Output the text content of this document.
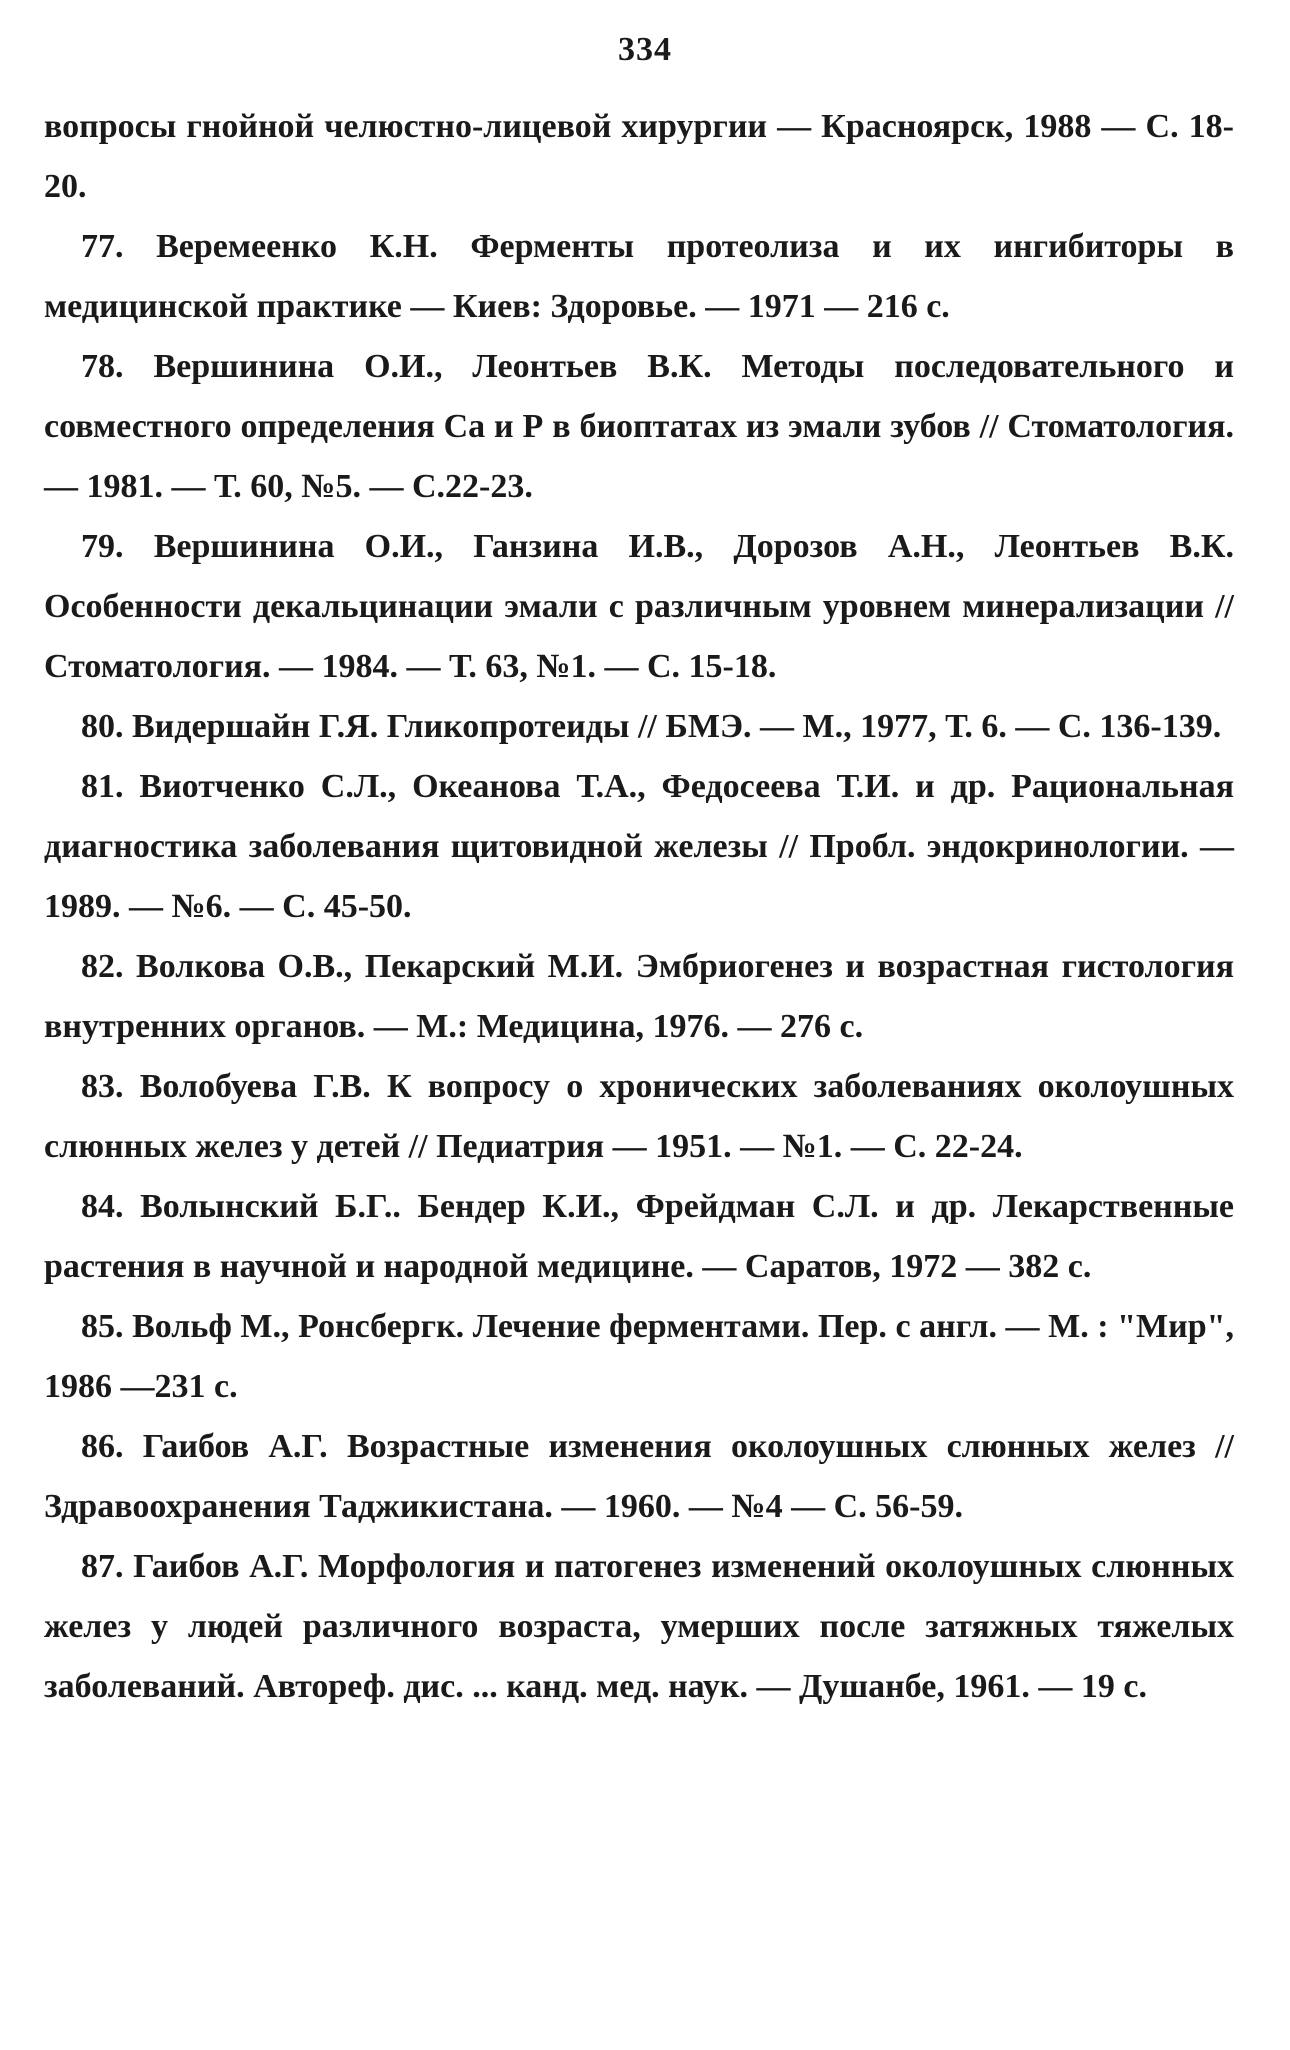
334

вопросы гнойной челюстно-лицевой хирургии — Красноярск, 1988 — С. 18-20.

77. Веремеенко К.Н. Ферменты протеолиза и их ингибиторы в медицинской практике — Киев: Здоровье. — 1971 — 216 с.

78. Вершинина О.И., Леонтьев В.К. Методы последовательного и совместного определения Са и Р в биоптатах из эмали зубов // Стоматология. — 1981. — Т. 60, №5. — С.22-23.

79. Вершинина О.И., Ганзина И.В., Дорозов А.Н., Леонтьев В.К. Особенности декальцинации эмали с различным уровнем минерализации // Стоматология. — 1984. — Т. 63, №1. — С. 15-18.

80. Видершайн Г.Я. Гликопротеиды // БМЭ. — М., 1977, Т. 6. — С. 136-139.

81. Виотченко С.Л., Океанова Т.А., Федосеева Т.И. и др. Рациональная диагностика заболевания щитовидной железы // Пробл. эндокринологии. — 1989. — №6. — С. 45-50.

82. Волкова О.В., Пекарский М.И. Эмбриогенез и возрастная гистология внутренних органов. — М.: Медицина, 1976. — 276 с.

83. Волобуева Г.В. К вопросу о хронических заболеваниях околоушных слюнных желез у детей // Педиатрия — 1951. — №1. — С. 22-24.

84. Волынский Б.Г.. Бендер К.И., Фрейдман С.Л. и др. Лекарственные растения в научной и народной медицине. — Саратов, 1972 — 382 с.

85. Вольф М., Ронсбергк. Лечение ферментами. Пер. с англ. — М. : "Мир", 1986 —231 с.

86. Гаибов А.Г. Возрастные изменения околоушных слюнных желез // Здравоохранения Таджикистана. — 1960. — №4 — С. 56-59.

87. Гаибов А.Г. Морфология и патогенез изменений околоушных слюнных желез у людей различного возраста, умерших после затяжных тяжелых заболеваний. Автореф. дис. ... канд. мед. наук. — Душанбе, 1961. — 19 с.
